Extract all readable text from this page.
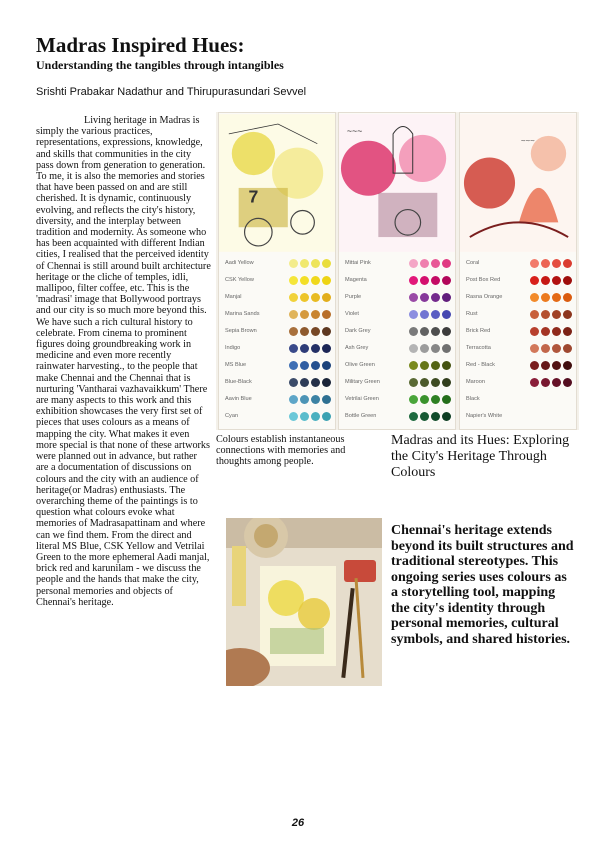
Madras Inspired Hues:
Understanding the tangibles through intangibles

Srishti Prabakar Nadathur and Thirupurasundari Sevvel

Living heritage in Madras is simply the various practices, representations, expressions, knowledge, and skills that communities in the city pass down from generation to generation. To me, it is also the memories and stories that have been passed on and are still cherished. It is dynamic, continuously evolving, and reflects the city's history, diversity, and the interplay between tradition and modernity. As someone who has been acquainted with different Indian cities, I realised that the perceived identity of Chennai is still around built architecture heritage or the cliche of temples, idli, mallipoo, filter coffee, etc. This is the 'madrasi' image that Bollywood portrays and our city is so much more beyond this. We have such a rich cultural history to celebrate. From cinema to prominent figures doing groundbreaking work in medicine and even more recently rainwater harvesting., to the people that make Chennai and the Chennai that is nurturing 'Vantharai vazhavaikkum' There are many aspects to this work and this exhibition showcases the very first set of pieces that uses colours as a means of mapping the city. What makes it even more special is that none of these artworks were planned out in advance, but rather are a documentation of discussions on colours and the city with an audience of heritage(or Madras) enthusiasts. The overarching theme of the paintings is to question what colours evoke what memories of Madrasapattinam and where can we find them. From the direct and literal MS Blue, CSK Yellow and Vetrilai Green to the more ephemeral Aadi manjal, brick red and karunilam - we discuss the people and the hands that make the city, personal memories and objects of Chennai's heritage.

7
Aadi Yellow
CSK Yellow
Manjal
Marina Sands
Sepia Brown
Indigo
MS Blue
Blue-Black
Aavin Blue
Cyan
~~~
Mittai Pink
Magenta
Purple
Violet
Dark Grey
Ash Grey
Olive Green
Military Green
Vetrilai Green
Bottle Green
~~~
Coral
Post Box Red
Rasna Orange
Rust
Brick Red
Terracotta
Red - Black
Maroon
Black
Napier's White

Colours establish instantaneous connections with memories and thoughts among people.

Madras and its Hues: Exploring the City's Heritage Through Colours

Chennai's heritage extends beyond its built structures and traditional stereotypes. This ongoing series uses colours as a storytelling tool, mapping the city's identity through personal memories, cultural symbols, and shared histories.

26
